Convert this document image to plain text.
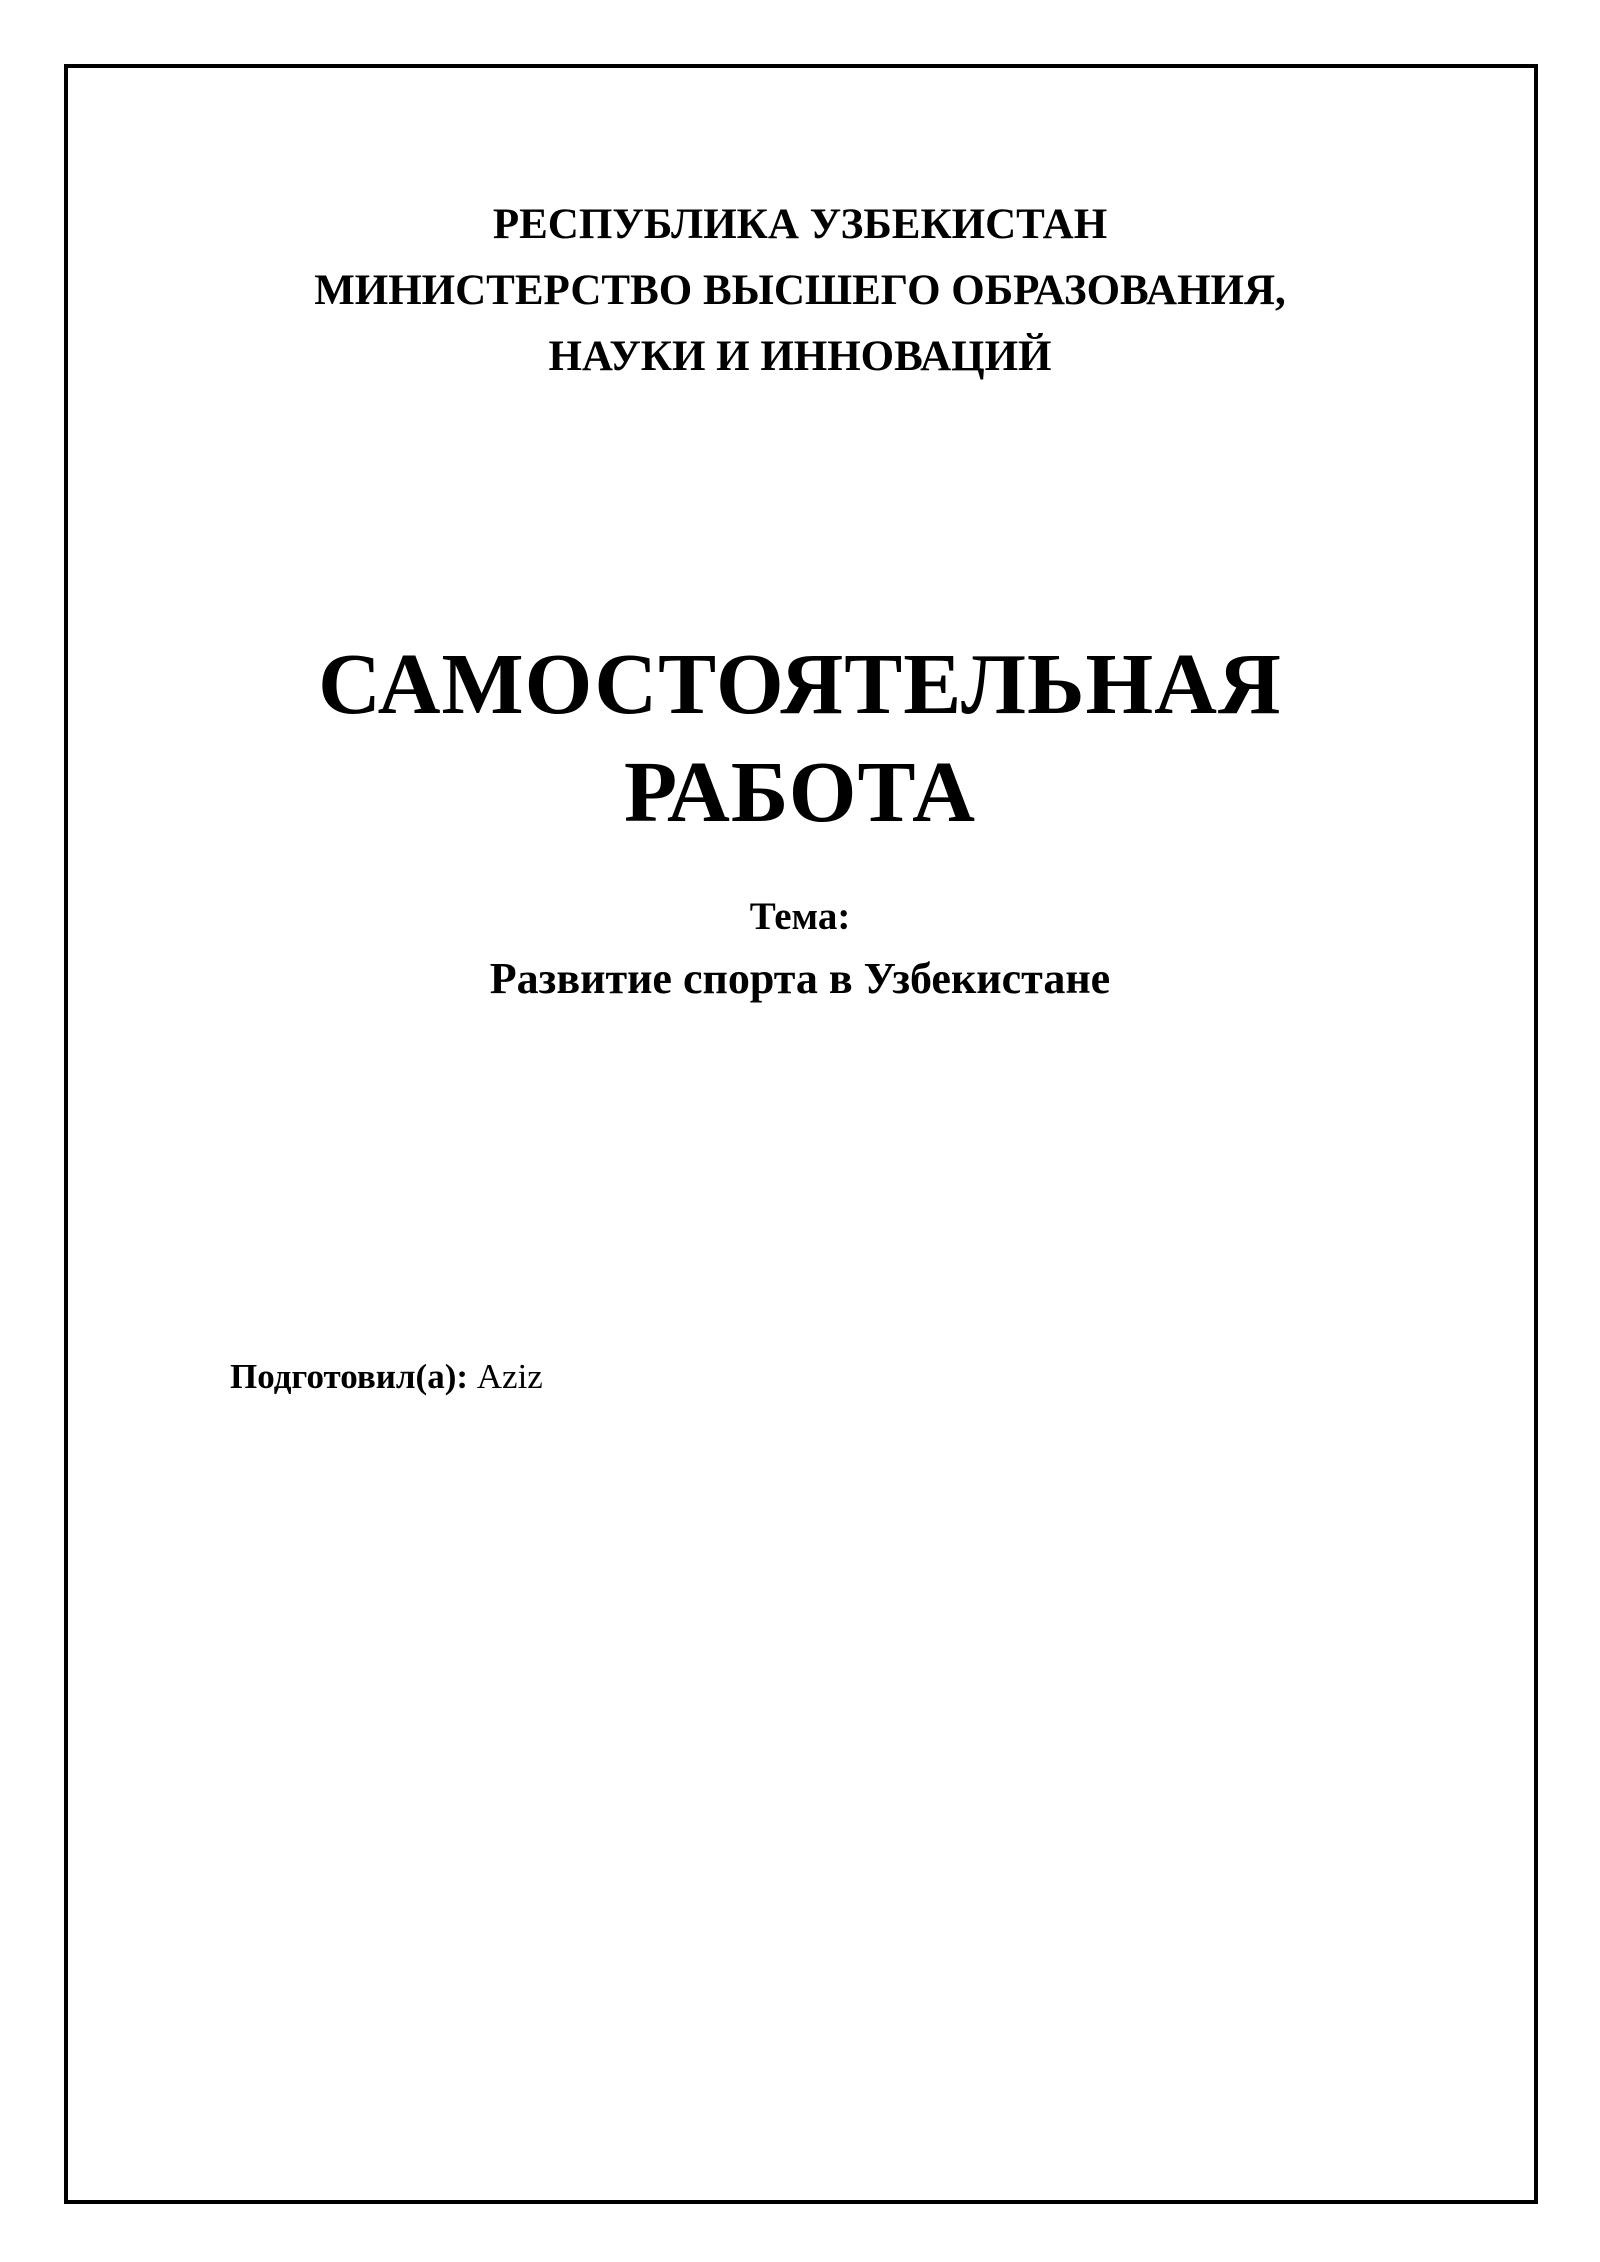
РЕСПУБЛИКА УЗБЕКИСТАН
МИНИСТЕРСТВО ВЫСШЕГО ОБРАЗОВАНИЯ,
НАУКИ И ИННОВАЦИЙ
САМОСТОЯТЕЛЬНАЯ
РАБОТА
Тема:
Развитие спорта в Узбекистане
Подготовил(а): Aziz
